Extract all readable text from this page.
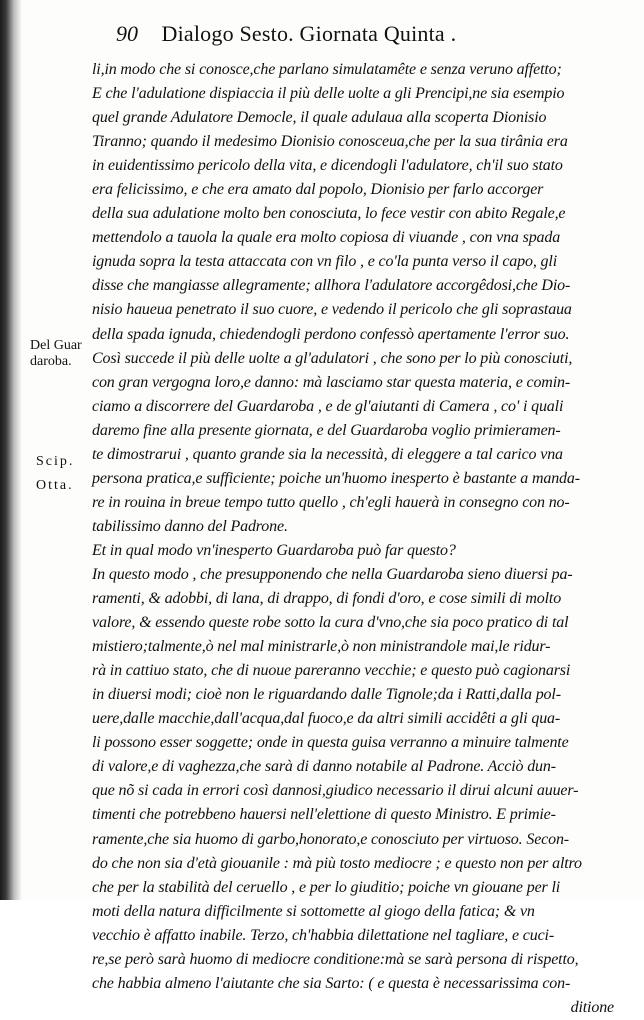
90 Dialogo Sesto. Giornata Quinta .
Del Guar
daroba.
Scip.
Otta.
li,in modo che si conosce,che parlano simulatamête e senza veruno affetto;
E che l'adulatione dispiaccia il più delle uolte a gli Prencipi,ne sia esempio
quel grande Adulatore Democle, il quale adulaua alla scoperta Dionisio
Tiranno; quando il medesimo Dionisio conosceua,che per la sua tirânia era
in euidentissimo pericolo della vita, e dicendogli l'adulatore, ch'il suo stato
era felicissimo, e che era amato dal popolo, Dionisio per farlo accorger
della sua adulatione molto ben conosciuta, lo fece vestir con abito Regale,e
mettendolo a tauola la quale era molto copiosa di viuande , con vna spada
ignuda sopra la testa attaccata con vn filo , e co'la punta verso il capo, gli
disse che mangiasse allegramente; allhora l'adulatore accorgêdosi,che Dio-
nisio haueua penetrato il suo cuore, e vedendo il pericolo che gli soprastaua
della spada ignuda, chiedendogli perdono confessò apertamente l'error suo.
Così succede il più delle uolte a gl'adulatori , che sono per lo più conosciuti,
con gran vergogna loro,e danno: mà lasciamo star questa materia, e comin-
ciamo a discorrere del Guardaroba , e de gl'aiutanti di Camera , co' i quali
daremo fine alla presente giornata, e del Guardaroba voglio primieramen-
te dimostrarui , quanto grande sia la necessità, di eleggere a tal carico vna
persona pratica,e sufficiente; poiche un'huomo inesperto è bastante a manda-
re in rouina in breue tempo tutto quello , ch'egli hauerà in consegno con no-
tabilissimo danno del Padrone.
Et in qual modo vn'inesperto Guardaroba può far questo?
In questo modo , che presupponendo che nella Guardaroba sieno diuersi pa-
ramenti, & adobbi, di lana, di drappo, di fondi d'oro, e cose simili di molto
valore, & essendo queste robe sotto la cura d'vno,che sia poco pratico di tal
mistiero;talmente,ò nel mal ministrarle,ò non ministrandole mai,le ridur-
rà in cattiuo stato, che di nuoue pareranno vecchie; e questo può cagionarsi
in diuersi modi; cioè non le riguardando dalle Tignole;da i Ratti,dalla pol-
uere,dalle macchie,dall'acqua,dal fuoco,e da altri simili accidêti a gli qua-
li possono esser soggette; onde in questa guisa verranno a minuire talmente
di valore,e di vaghezza,che sarà di danno notabile al Padrone. Acciò dun-
que nõ si cada in errori così dannosi,giudico necessario il dirui alcuni auuer-
timenti che potrebbeno hauersi nell'elettione di questo Ministro. E primie-
ramente,che sia huomo di garbo,honorato,e conosciuto per virtuoso. Secon-
do che non sia d'età giouanile : mà più tosto mediocre ; e questo non per altro
che per la stabilità del ceruello , e per lo giuditio; poiche vn giouane per li
moti della natura difficilmente si sottomette al giogo della fatica; & vn
vecchio è affatto inabile. Terzo, ch'habbia dilettatione nel tagliare, e cuci-
re,se però sarà huomo di mediocre conditione:mà se sarà persona di rispetto,
che habbia almeno l'aiutante che sia Sarto: ( e questa è necessarissima con-
ditione
